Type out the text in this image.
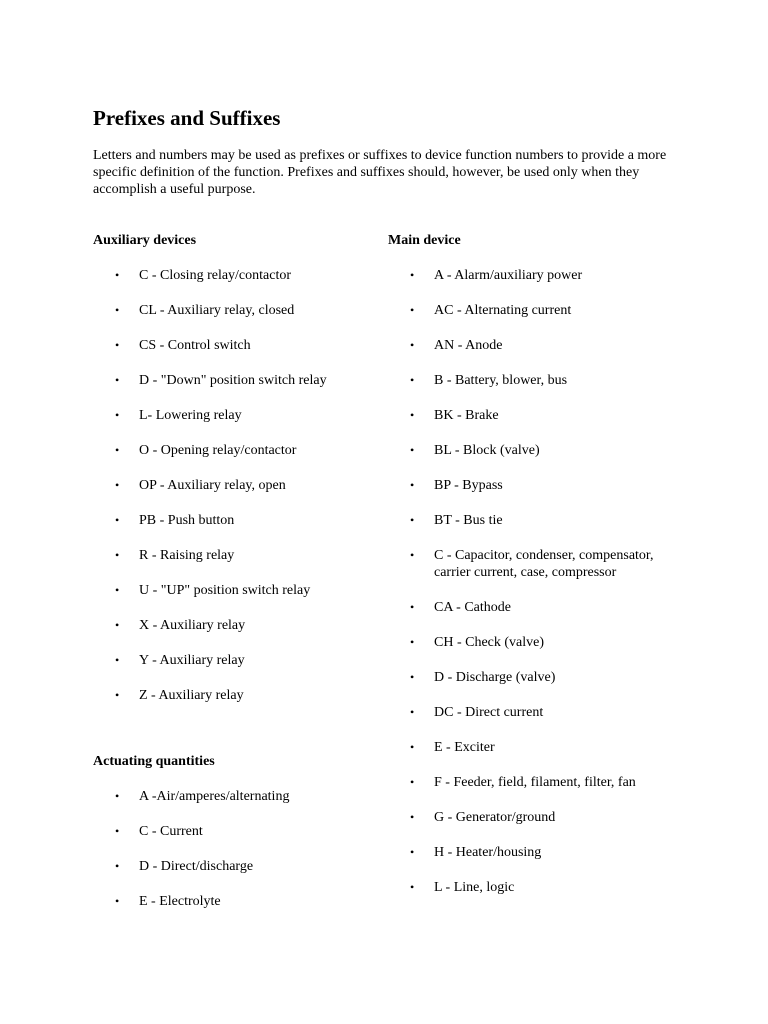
Prefixes and Suffixes

Letters and numbers may be used as prefixes or suffixes to device function numbers to provide a more specific definition of the function. Prefixes and suffixes should, however, be used only when they accomplish a useful purpose.

Auxiliary devices
• C - Closing relay/contactor
• CL - Auxiliary relay, closed
• CS - Control switch
• D - "Down" position switch relay
• L- Lowering relay
• O - Opening relay/contactor
• OP - Auxiliary relay, open
• PB - Push button
• R - Raising relay
• U - "UP" position switch relay
• X - Auxiliary relay
• Y - Auxiliary relay
• Z - Auxiliary relay
Actuating quantities
• A -Air/amperes/alternating
• C - Current
• D - Direct/discharge
• E - Electrolyte
Main device
• A - Alarm/auxiliary power
• AC - Alternating current
• AN - Anode
• B - Battery, blower, bus
• BK - Brake
• BL - Block (valve)
• BP - Bypass
• BT - Bus tie
• C - Capacitor, condenser, compensator, carrier current, case, compressor
• CA - Cathode
• CH - Check (valve)
• D - Discharge (valve)
• DC - Direct current
• E - Exciter
• F - Feeder, field, filament, filter, fan
• G - Generator/ground
• H - Heater/housing
• L - Line, logic
